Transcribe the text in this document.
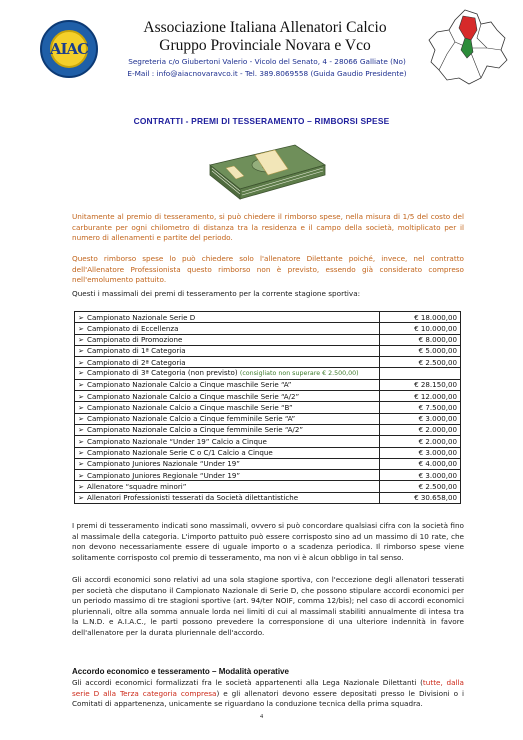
AIAC
Associazione Italiana Allenatori Calcio
Gruppo Provinciale Novara e Vco
Segreteria c/o Giubertoni Valerio - Vicolo del Senato, 4 - 28066 Galliate (No)
E-Mail : info@aiacnovaravco.it - Tel. 389.8069558 (Guida Gaudio Presidente)
CONTRATTI - PREMI DI TESSERAMENTO – RIMBORSI SPESE

Unitamente al premio di tesseramento, si può chiedere il rimborso spese, nella misura di 1/5 del costo del carburante per ogni chilometro di distanza tra la residenza e il campo della società, moltiplicato per il numero di allenamenti e partite del periodo.

Questo rimborso spese lo può chiedere solo l'allenatore Dilettante poiché, invece, nel contratto dell'Allenatore Professionista questo rimborso non è previsto, essendo già considerato compreso nell'emolumento pattuito.

Questi i massimali dei premi di tesseramento per la corrente stagione sportiva:

➢ Campionato Nazionale Serie D	€ 18.000,00
➢ Campionato di Eccellenza	€ 10.000,00
➢ Campionato di Promozione	€ 8.000,00
➢ Campionato di 1ª Categoria	€ 5.000,00
➢ Campionato di 2ª Categoria	€ 2.500,00
➢ Campionato di 3ª Categoria (non previsto) (consigliato non superare € 2.500,00)	
➢ Campionato Nazionale Calcio a Cinque maschile Serie “A”	€ 28.150,00
➢ Campionato Nazionale Calcio a Cinque maschile Serie “A/2”	€ 12.000,00
➢ Campionato Nazionale Calcio a Cinque maschile Serie “B”	€ 7.500,00
➢ Campionato Nazionale Calcio a Cinque femminile Serie “A”	€ 3.000,00
➢ Campionato Nazionale Calcio a Cinque femminile Serie “A/2”	€ 2.000,00
➢ Campionato Nazionale “Under 19” Calcio a Cinque	€ 2.000,00
➢ Campionato Nazionale Serie C o C/1 Calcio a Cinque	€ 3.000,00
➢ Campionato Juniores Nazionale “Under 19”	€ 4.000,00
➢ Campionato Juniores Regionale “Under 19”	€ 3.000,00
➢ Allenatore “squadre minori”	€ 2.500,00
➢ Allenatori Professionisti tesserati da Società dilettantistiche	€ 30.658,00

I premi di tesseramento indicati sono massimali, ovvero si può concordare qualsiasi cifra con la società fino al massimale della categoria. L'importo pattuito può essere corrisposto sino ad un massimo di 10 rate, che non devono necessariamente essere di uguale importo o a scadenza periodica. Il rimborso spese viene solitamente corrisposto col premio di tesseramento, ma non vi è alcun obbligo in tal senso.

Gli accordi economici sono relativi ad una sola stagione sportiva, con l'eccezione degli allenatori tesserati per società che disputano il Campionato Nazionale di Serie D, che possono stipulare accordi economici per un periodo massimo di tre stagioni sportive (art. 94/ter NOIF, comma 12/bis); nel caso di accordi economici pluriennali, oltre alla somma annuale lorda nei limiti di cui al massimali stabiliti annualmente di intesa tra la L.N.D. e A.I.A.C., le parti possono prevedere la corresponsione di una ulteriore indennità in favore dell'allenatore per la durata pluriennale dell'accordo.

Accordo economico e tesseramento – Modalità operative

Gli accordi economici formalizzati fra le società appartenenti alla Lega Nazionale Dilettanti (tutte, dalla serie D alla Terza categoria compresa) e gli allenatori devono essere depositati presso le Divisioni o i Comitati di appartenenza, unicamente se riguardano la conduzione tecnica della prima squadra.

4
